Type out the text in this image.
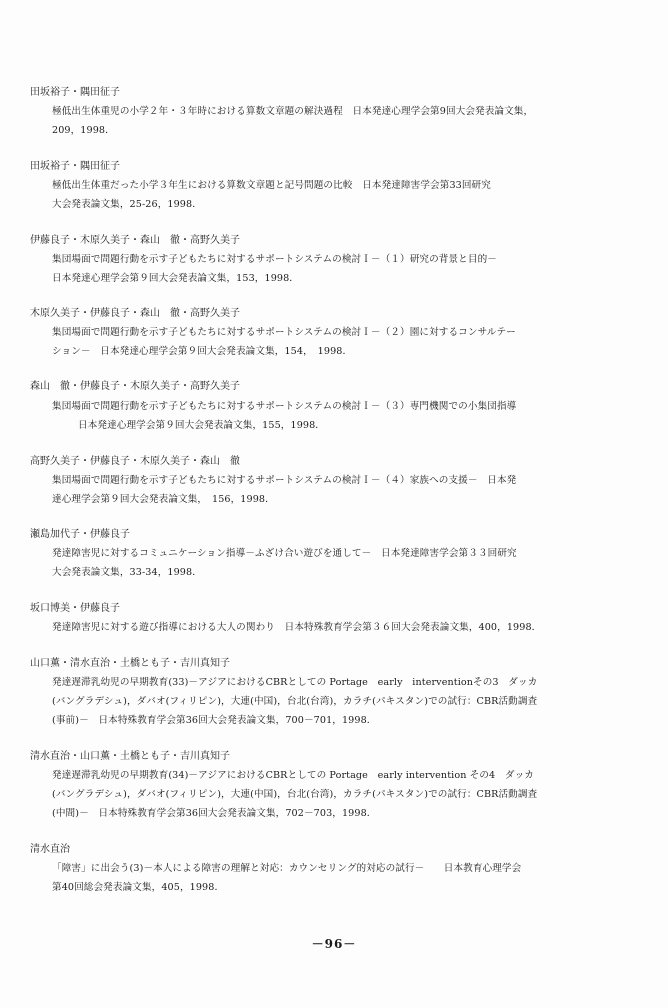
田坂裕子・隅田征子
極低出生体重児の小学２年・３年時における算数文章題の解決過程　日本発達心理学会第9回大会発表論文集，
209，1998．
田坂裕子・隅田征子
極低出生体重だった小学３年生における算数文章題と記号問題の比較　日本発達障害学会第33回研究
大会発表論文集，25-26，1998．
伊藤良子・木原久美子・森山　徹・高野久美子
集団場面で問題行動を示す子どもたちに対するサポートシステムの検討Ｉ－（１）研究の背景と目的－
日本発達心理学会第９回大会発表論文集，153，1998．
木原久美子・伊藤良子・森山　徹・高野久美子
集団場面で問題行動を示す子どもたちに対するサポートシステムの検討Ｉ－（２）園に対するコンサルテー
ション－　日本発達心理学会第９回大会発表論文集，154，　1998．
森山　徹・伊藤良子・木原久美子・高野久美子
集団場面で問題行動を示す子どもたちに対するサポートシステムの検討Ｉ－（３）専門機関での小集団指導
日本発達心理学会第９回大会発表論文集，155，1998．
高野久美子・伊藤良子・木原久美子・森山　徹
集団場面で問題行動を示す子どもたちに対するサポートシステムの検討Ｉ－（４）家族への支援－　日本発
達心理学会第９回大会発表論文集，　156，1998．
瀬島加代子・伊藤良子
発達障害児に対するコミュニケーション指導－ふざけ合い遊びを通して－　日本発達障害学会第３３回研究
大会発表論文集，33-34，1998．
坂口博美・伊藤良子
発達障害児に対する遊び指導における大人の関わり　日本特殊教育学会第３６回大会発表論文集，400，1998．
山口薫・清水直治・土橋とも子・吉川真知子
発達遅滞乳幼児の早期教育(33)－アジアにおけるCBRとしての Portage　early　interventionその3　ダッカ
(バングラデシュ)，ダバオ(フィリピン)，大連(中国)，台北(台湾)，カラチ(パキスタン)での試行：CBR活動調査
(事前)－　日本特殊教育学会第36回大会発表論文集，700－701，1998．
清水直治・山口薫・土橋とも子・吉川真知子
発達遅滞乳幼児の早期教育(34)－アジアにおけるCBRとしての Portage　early intervention その4　ダッカ
(バングラデシュ)，ダバオ(フィリピン)，大連(中国)，台北(台湾)，カラチ(パキスタン)での試行：CBR活動調査
(中間)－　日本特殊教育学会第36回大会発表論文集，702－703，1998．
清水直治
「障害」に出会う(3)－本人による障害の理解と対応：カウンセリング的対応の試行－　　日本教育心理学会
第40回総会発表論文集，405，1998．
－96－
